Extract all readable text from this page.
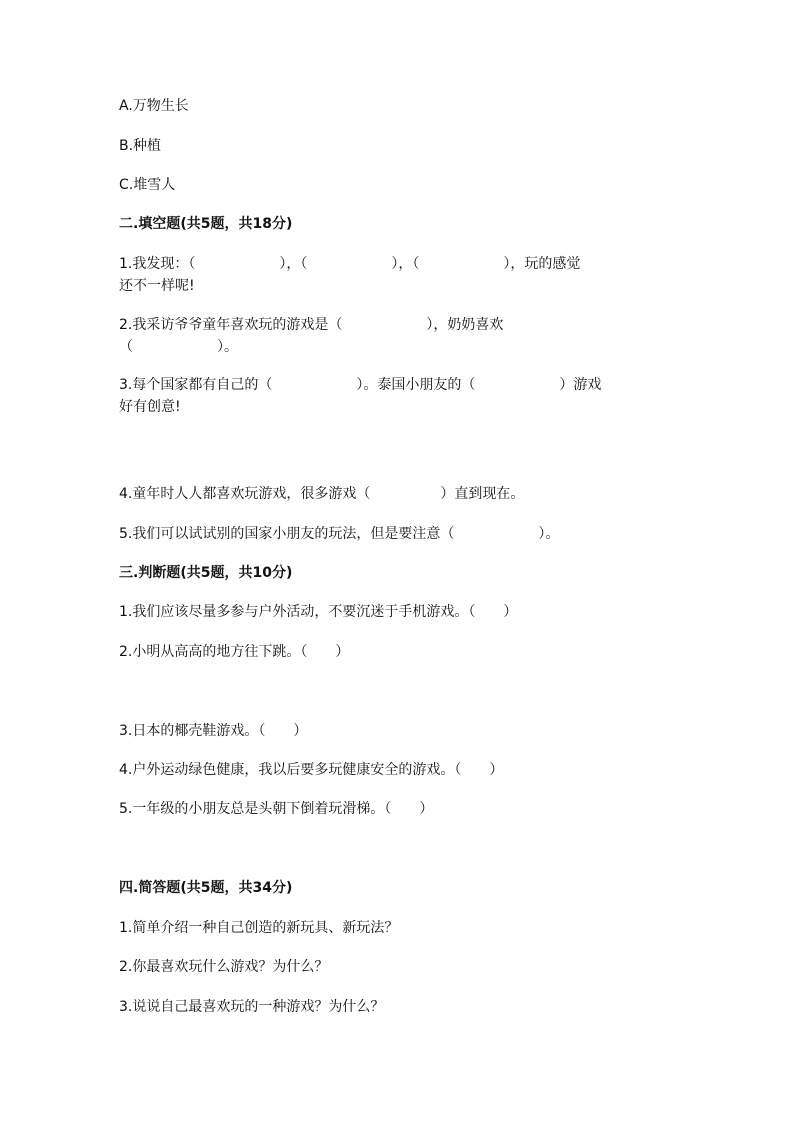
A.万物生长
B.种植
C.堆雪人
二.填空题(共5题，共18分)
1.我发现：（　　　　　　），（　　　　　　），（　　　　　　），玩的感觉
还不一样呢!
2.我采访爷爷童年喜欢玩的游戏是（　　　　　　），奶奶喜欢
（　　　　　　）。
3.每个国家都有自己的（　　　　　　）。泰国小朋友的（　　　　　　）游戏
好有创意!
4.童年时人人都喜欢玩游戏，很多游戏（　　　　　）直到现在。
5.我们可以试试别的国家小朋友的玩法，但是要注意（　　　　　　）。
三.判断题(共5题，共10分)
1.我们应该尽量多参与户外活动，不要沉迷于手机游戏。（　　）
2.小明从高高的地方往下跳。（　　）
3.日本的椰壳鞋游戏。（　　）
4.户外运动绿色健康，我以后要多玩健康安全的游戏。（　　）
5.一年级的小朋友总是头朝下倒着玩滑梯。（　　）
四.简答题(共5题，共34分)
1.简单介绍一种自己创造的新玩具、新玩法？
2.你最喜欢玩什么游戏？为什么？
3.说说自己最喜欢玩的一种游戏？为什么？
